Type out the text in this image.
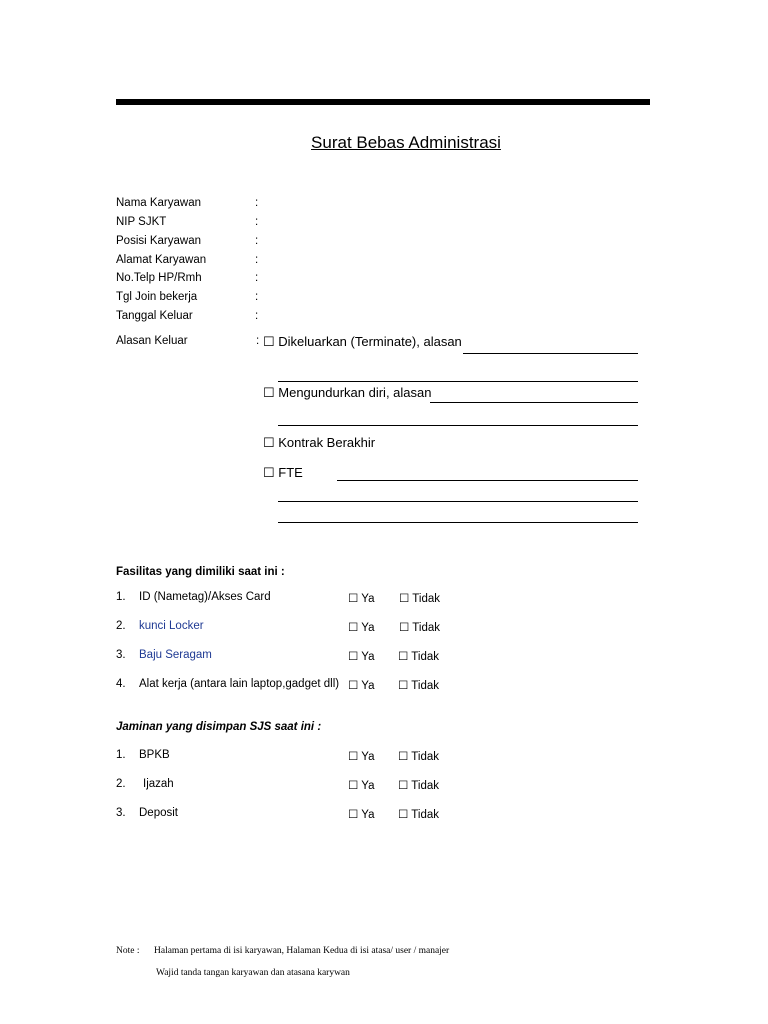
Surat Bebas Administrasi
Nama Karyawan	:
NIP SJKT	:
Posisi Karyawan	:
Alamat Karyawan	:
No.Telp HP/Rmh	:
Tgl Join bekerja	:
Tanggal Keluar	:
Alasan Keluar	: ☐ Dikeluarkan (Terminate), alasan
☐ Mengundurkan diri, alasan
☐ Kontrak Berakhir
☐ FTE
Fasilitas yang dimiliki saat ini :
1. ID (Nametag)/Akses Card	☐ Ya ☐ Tidak
2. kunci Locker	☐ Ya ☐ Tidak
3. Baju Seragam	☐ Ya ☐ Tidak
4. Alat kerja (antara lain laptop,gadget dll) ☐ Ya ☐ Tidak
Jaminan yang disimpan SJS saat ini :
1. BPKB	☐ Ya ☐ Tidak
2. Ijazah	☐ Ya ☐ Tidak
3. Deposit	☐ Ya ☐ Tidak
Note : Halaman pertama di isi karyawan, Halaman Kedua di isi atasa/ user / manajer
Wajid tanda tangan karyawan dan atasana karywan
